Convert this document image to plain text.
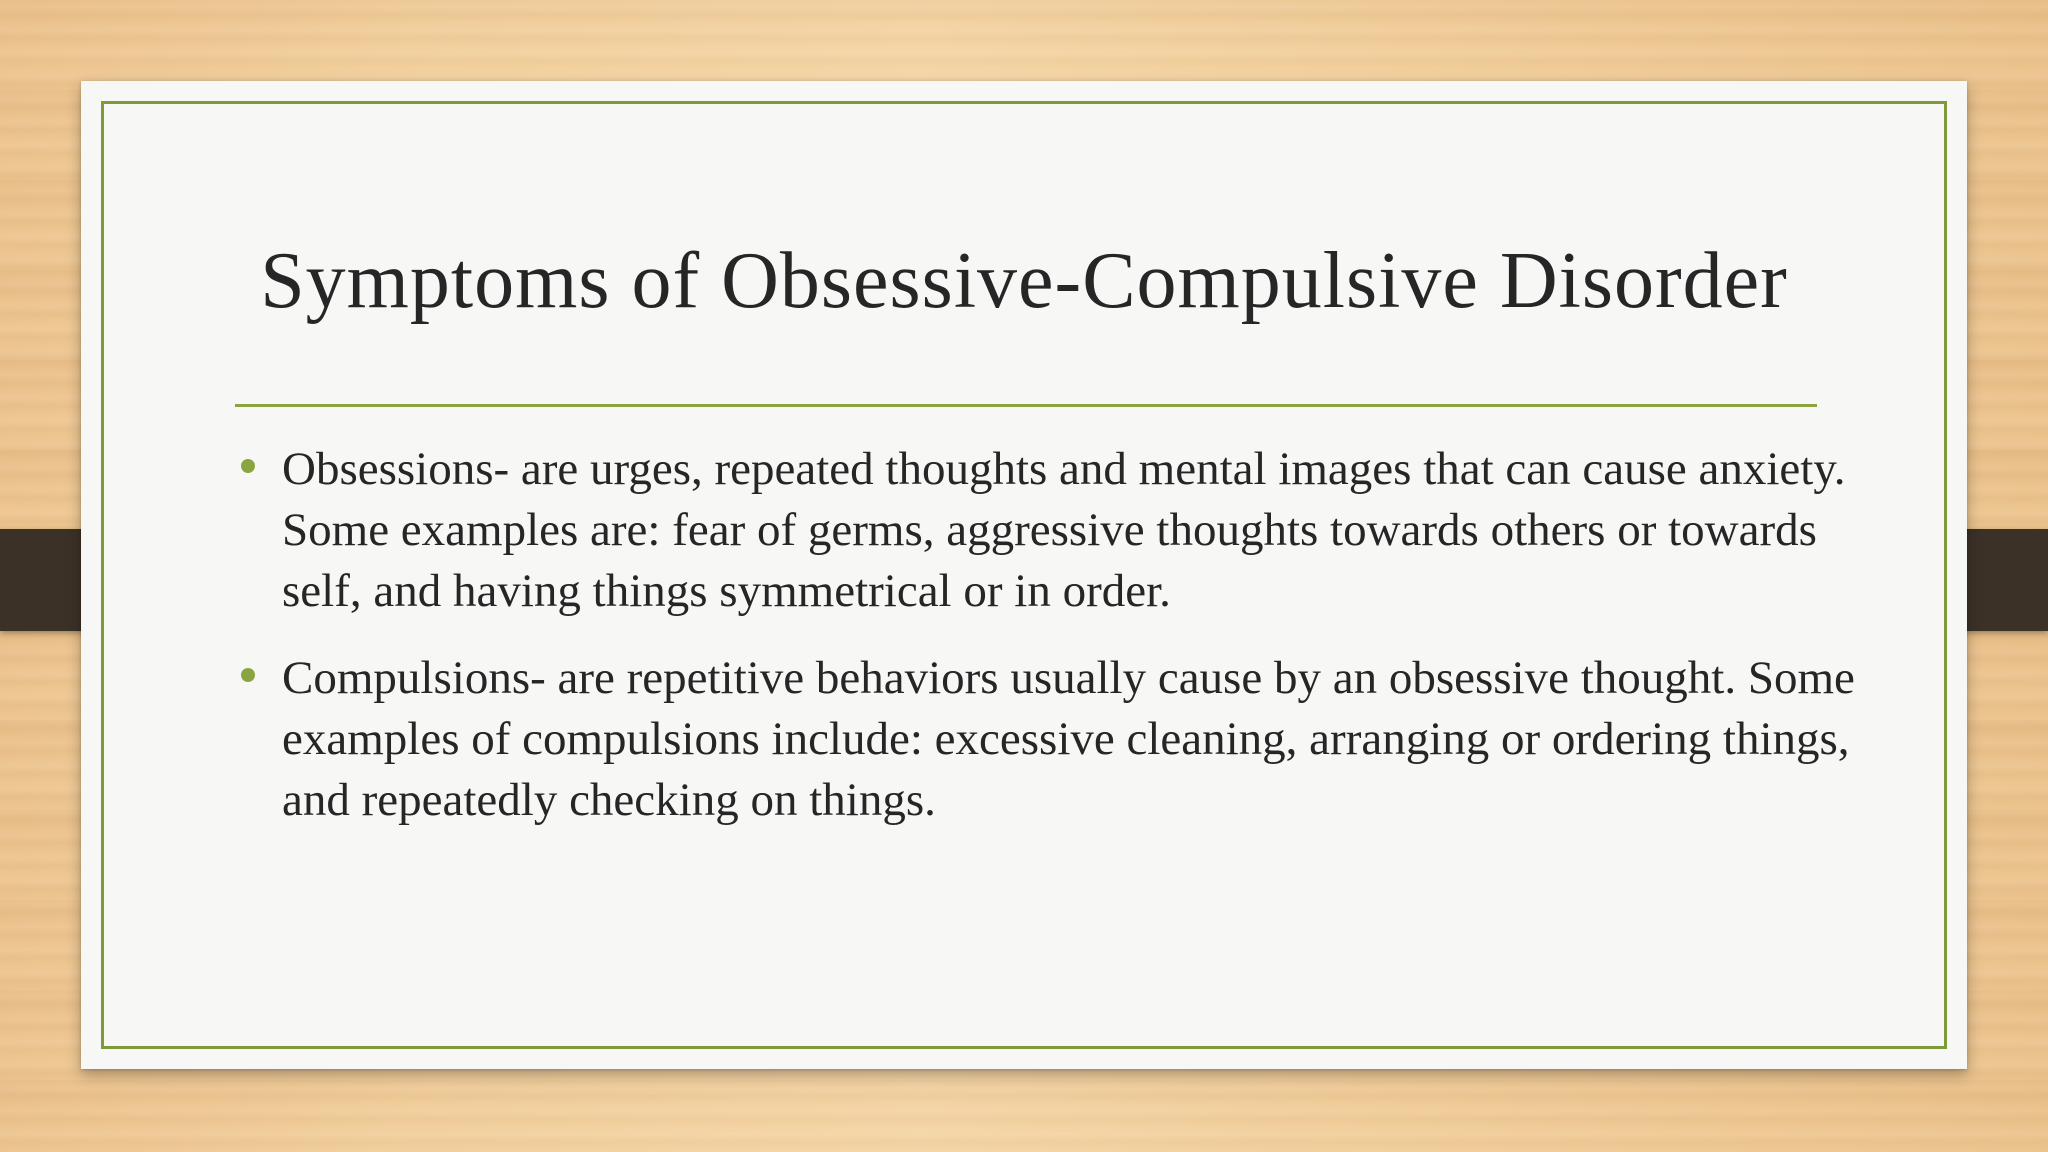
Symptoms of Obsessive-Compulsive Disorder
Obsessions- are urges, repeated thoughts and mental images that can cause anxiety. Some examples are: fear of germs, aggressive thoughts towards others or towards self, and having things symmetrical or in order.
Compulsions- are repetitive behaviors usually cause by an obsessive thought. Some examples of compulsions include: excessive cleaning, arranging or ordering things, and repeatedly checking on things.
